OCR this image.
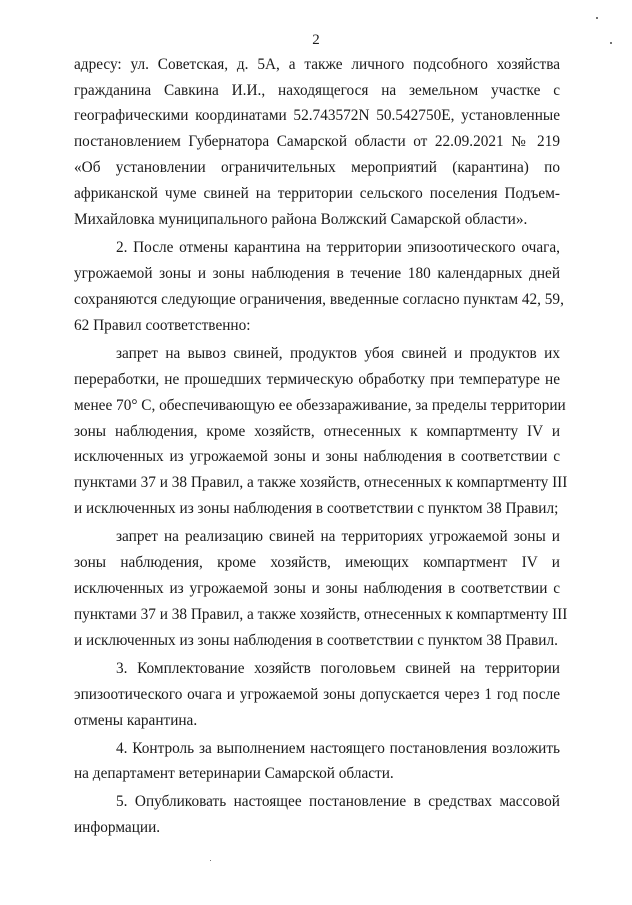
2
адресу: ул. Советская, д. 5А, а также личного подсобного хозяйства
гражданина Савкина И.И., находящегося на земельном участке с
географическими координатами 52.743572N 50.542750E, установленные
постановлением Губернатора Самарской области от 22.09.2021 № 219
«Об установлении ограничительных мероприятий (карантина) по
африканской чуме свиней на территории сельского поселения Подъем-
Михайловка муниципального района Волжский Самарской области».
2. После отмены карантина на территории эпизоотического очага,
угрожаемой зоны и зоны наблюдения в течение 180 календарных дней
сохраняются следующие ограничения, введенные согласно пунктам 42, 59,
62 Правил соответственно:
запрет на вывоз свиней, продуктов убоя свиней и продуктов их
переработки, не прошедших термическую обработку при температуре не
менее 70° С, обеспечивающую ее обеззараживание, за пределы территории
зоны наблюдения, кроме хозяйств, отнесенных к компартменту IV и
исключенных из угрожаемой зоны и зоны наблюдения в соответствии с
пунктами 37 и 38 Правил, а также хозяйств, отнесенных к компартменту III
и исключенных из зоны наблюдения в соответствии с пунктом 38 Правил;
запрет на реализацию свиней на территориях угрожаемой зоны и
зоны наблюдения, кроме хозяйств, имеющих компартмент IV и
исключенных из угрожаемой зоны и зоны наблюдения в соответствии с
пунктами 37 и 38 Правил, а также хозяйств, отнесенных к компартменту III
и исключенных из зоны наблюдения в соответствии с пунктом 38 Правил.
3. Комплектование хозяйств поголовьем свиней на территории
эпизоотического очага и угрожаемой зоны допускается через 1 год после
отмены карантина.
4. Контроль за выполнением настоящего постановления возложить
на департамент ветеринарии Самарской области.
5. Опубликовать настоящее постановление в средствах массовой
информации.
